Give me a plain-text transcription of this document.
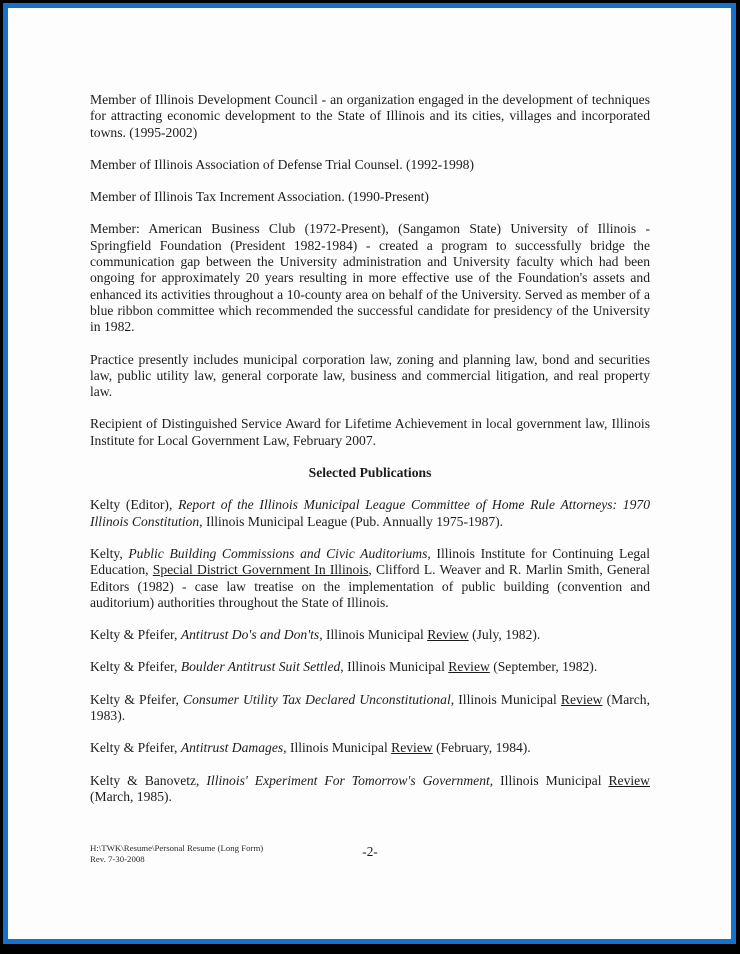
Member of Illinois Development Council - an organization engaged in the development of techniques for attracting economic development to the State of Illinois and its cities, villages and incorporated towns. (1995-2002)

Member of Illinois Association of Defense Trial Counsel. (1992-1998)

Member of Illinois Tax Increment Association. (1990-Present)

Member: American Business Club (1972-Present), (Sangamon State) University of Illinois - Springfield Foundation (President 1982-1984) - created a program to successfully bridge the communication gap between the University administration and University faculty which had been ongoing for approximately 20 years resulting in more effective use of the Foundation's assets and enhanced its activities throughout a 10-county area on behalf of the University. Served as member of a blue ribbon committee which recommended the successful candidate for presidency of the University in 1982.

Practice presently includes municipal corporation law, zoning and planning law, bond and securities law, public utility law, general corporate law, business and commercial litigation, and real property law.

Recipient of Distinguished Service Award for Lifetime Achievement in local government law, Illinois Institute for Local Government Law, February 2007.

Selected Publications

Kelty (Editor), Report of the Illinois Municipal League Committee of Home Rule Attorneys: 1970 Illinois Constitution, Illinois Municipal League (Pub. Annually 1975-1987).

Kelty, Public Building Commissions and Civic Auditoriums, Illinois Institute for Continuing Legal Education, Special District Government In Illinois, Clifford L. Weaver and R. Marlin Smith, General Editors (1982) - case law treatise on the implementation of public building (convention and auditorium) authorities throughout the State of Illinois.

Kelty & Pfeifer, Antitrust Do's and Don'ts, Illinois Municipal Review (July, 1982).

Kelty & Pfeifer, Boulder Antitrust Suit Settled, Illinois Municipal Review (September, 1982).

Kelty & Pfeifer, Consumer Utility Tax Declared Unconstitutional, Illinois Municipal Review (March, 1983).

Kelty & Pfeifer, Antitrust Damages, Illinois Municipal Review (February, 1984).

Kelty & Banovetz, Illinois' Experiment For Tomorrow's Government, Illinois Municipal Review (March, 1985).

H:\TWK\Resume\Personal Resume (Long Form)
Rev. 7-30-2008	-2-
